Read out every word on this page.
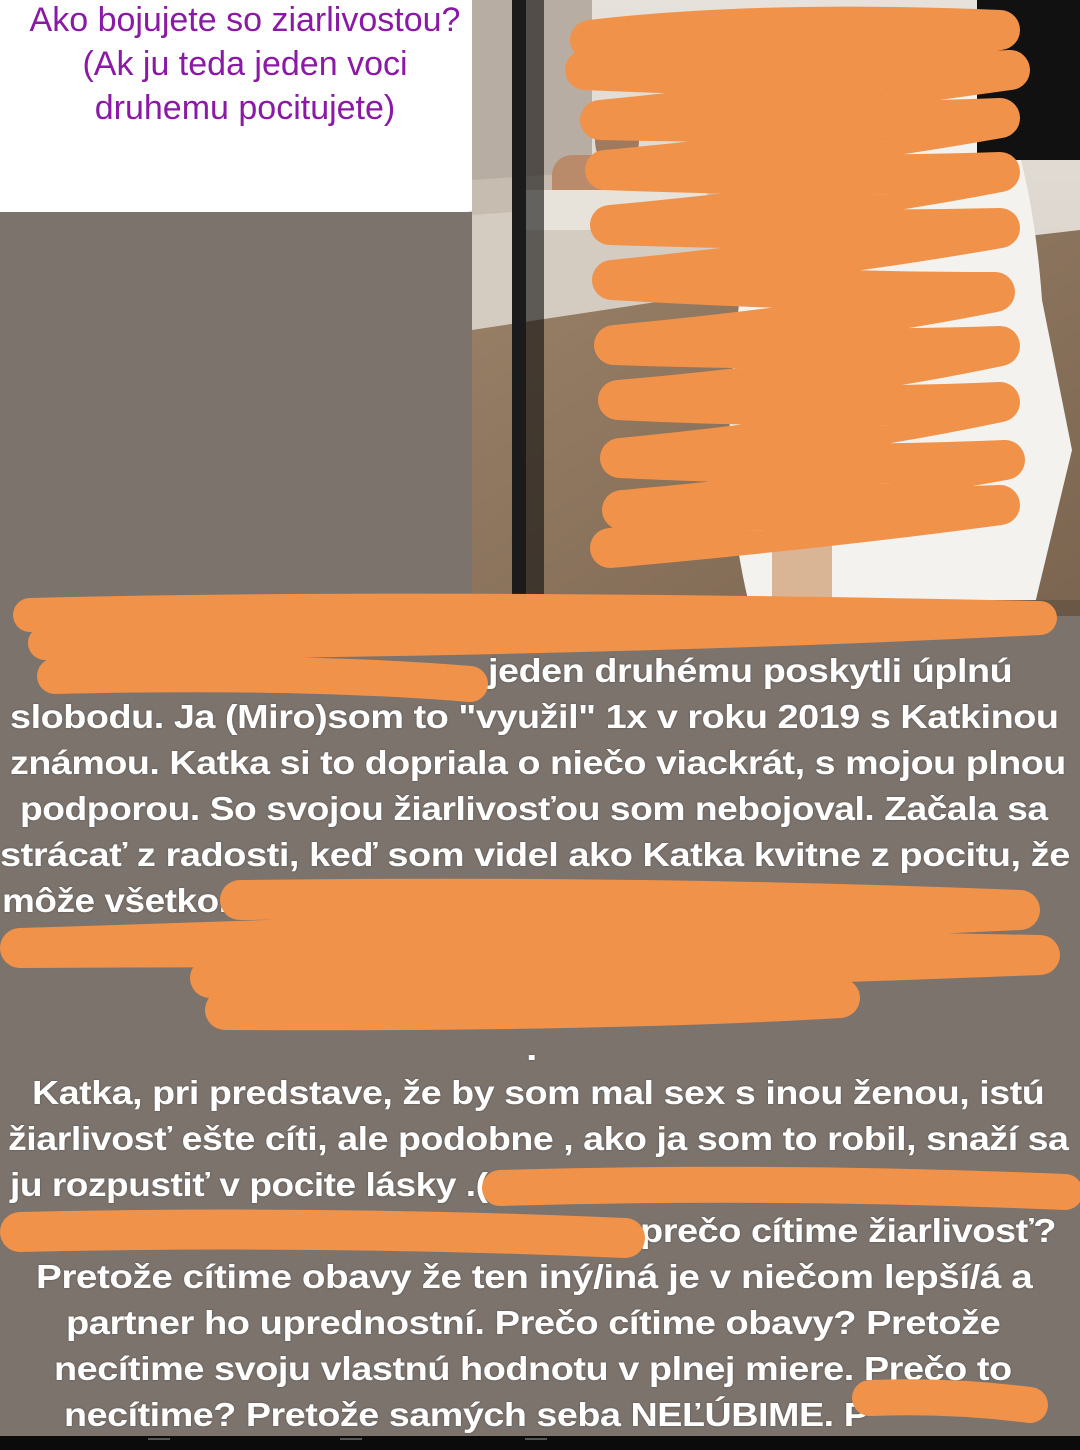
Ako bojujete so ziarlivostou? (Ak ju teda jeden voci druhemu pocitujete)
jeden druhému poskytli úplnú
slobodu. Ja (Miro)som to "využil" 1x v roku 2019 s Katkinou
známou. Katka si to dopriala o niečo viackrát, s mojou plnou
podporou. So svojou žiarlivosťou som nebojoval. Začala sa
strácať z radosti, keď som videl ako Katka kvitne z pocitu, že
môže všetko.
.
Katka, pri predstave, že by som mal sex s inou ženou, istú
žiarlivosť ešte cíti, ale podobne , ako ja som to robil, snaží sa
ju rozpustiť v pocite lásky .(
prečo cítime žiarlivosť?
Pretože cítime obavy že ten iný/iná je v niečom lepší/á a
partner ho uprednostní. Prečo cítime obavy? Pretože
necítime svoju vlastnú hodnotu v plnej miere. Prečo to
necítime? Pretože samých seba NEĽÚBIME. P
